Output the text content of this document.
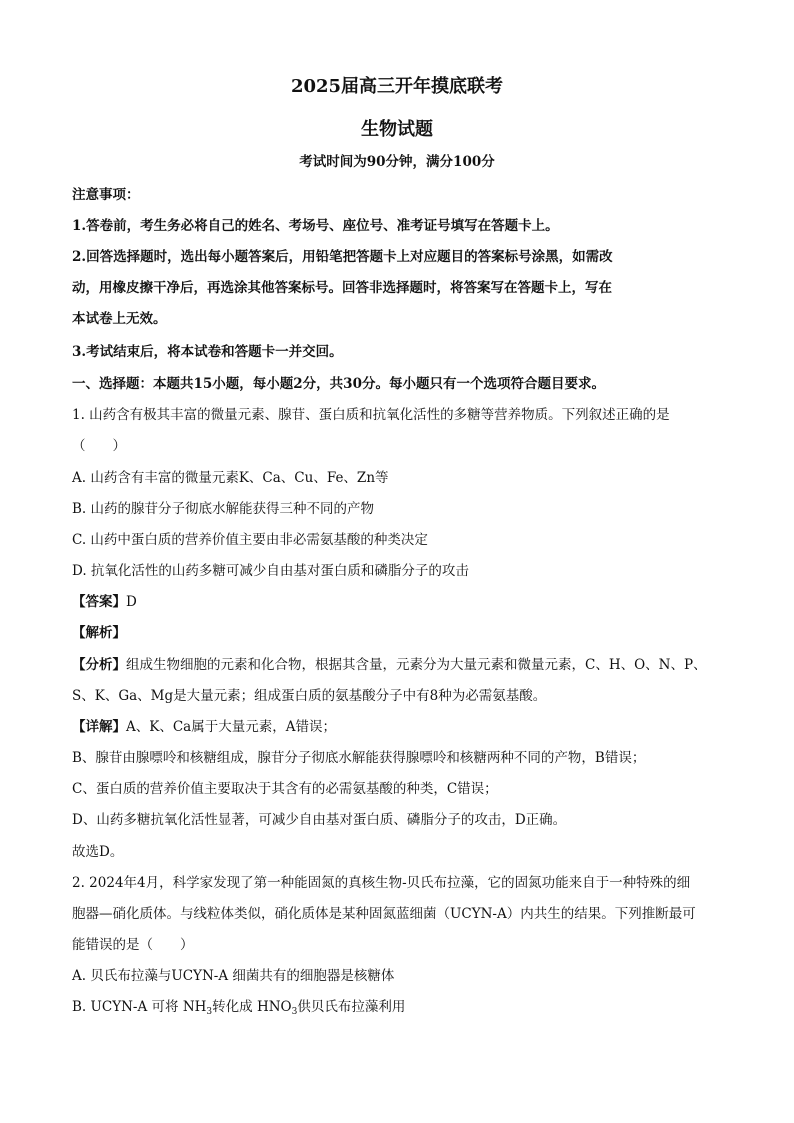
2025届高三开年摸底联考
生物试题
考试时间为90分钟，满分100分
注意事项：
1.答卷前，考生务必将自己的姓名、考场号、座位号、准考证号填写在答题卡上。
2.回答选择题时，选出每小题答案后，用铅笔把答题卡上对应题目的答案标号涂黑，如需改
动，用橡皮擦干净后，再选涂其他答案标号。回答非选择题时，将答案写在答题卡上，写在
本试卷上无效。
3.考试结束后，将本试卷和答题卡一并交回。
一、选择题：本题共15小题，每小题2分，共30分。每小题只有一个选项符合题目要求。
1. 山药含有极其丰富的微量元素、腺苷、蛋白质和抗氧化活性的多糖等营养物质。下列叙述正确的是
（　　）
A. 山药含有丰富的微量元素K、Ca、Cu、Fe、Zn等
B. 山药的腺苷分子彻底水解能获得三种不同的产物
C. 山药中蛋白质的营养价值主要由非必需氨基酸的种类决定
D. 抗氧化活性的山药多糖可减少自由基对蛋白质和磷脂分子的攻击
【答案】D
【解析】
【分析】组成生物细胞的元素和化合物，根据其含量，元素分为大量元素和微量元素，C、H、O、N、P、
S、K、Ga、Mg是大量元素；组成蛋白质的氨基酸分子中有8种为必需氨基酸。
【详解】A、K、Ca属于大量元素，A错误；
B、腺苷由腺嘌呤和核糖组成，腺苷分子彻底水解能获得腺嘌呤和核糖两种不同的产物，B错误；
C、蛋白质的营养价值主要取决于其含有的必需氨基酸的种类，C错误；
D、山药多糖抗氧化活性显著，可减少自由基对蛋白质、磷脂分子的攻击，D正确。
故选D。
2. 2024年4月，科学家发现了第一种能固氮的真核生物-贝氏布拉藻，它的固氮功能来自于一种特殊的细
胞器—硝化质体。与线粒体类似，硝化质体是某种固氮蓝细菌（UCYN-A）内共生的结果。下列推断最可
能错误的是（　　）
A. 贝氏布拉藻与UCYN-A 细菌共有的细胞器是核糖体
B. UCYN-A 可将 $NH_3$转化成 $HNO_3$供贝氏布拉藻利用
